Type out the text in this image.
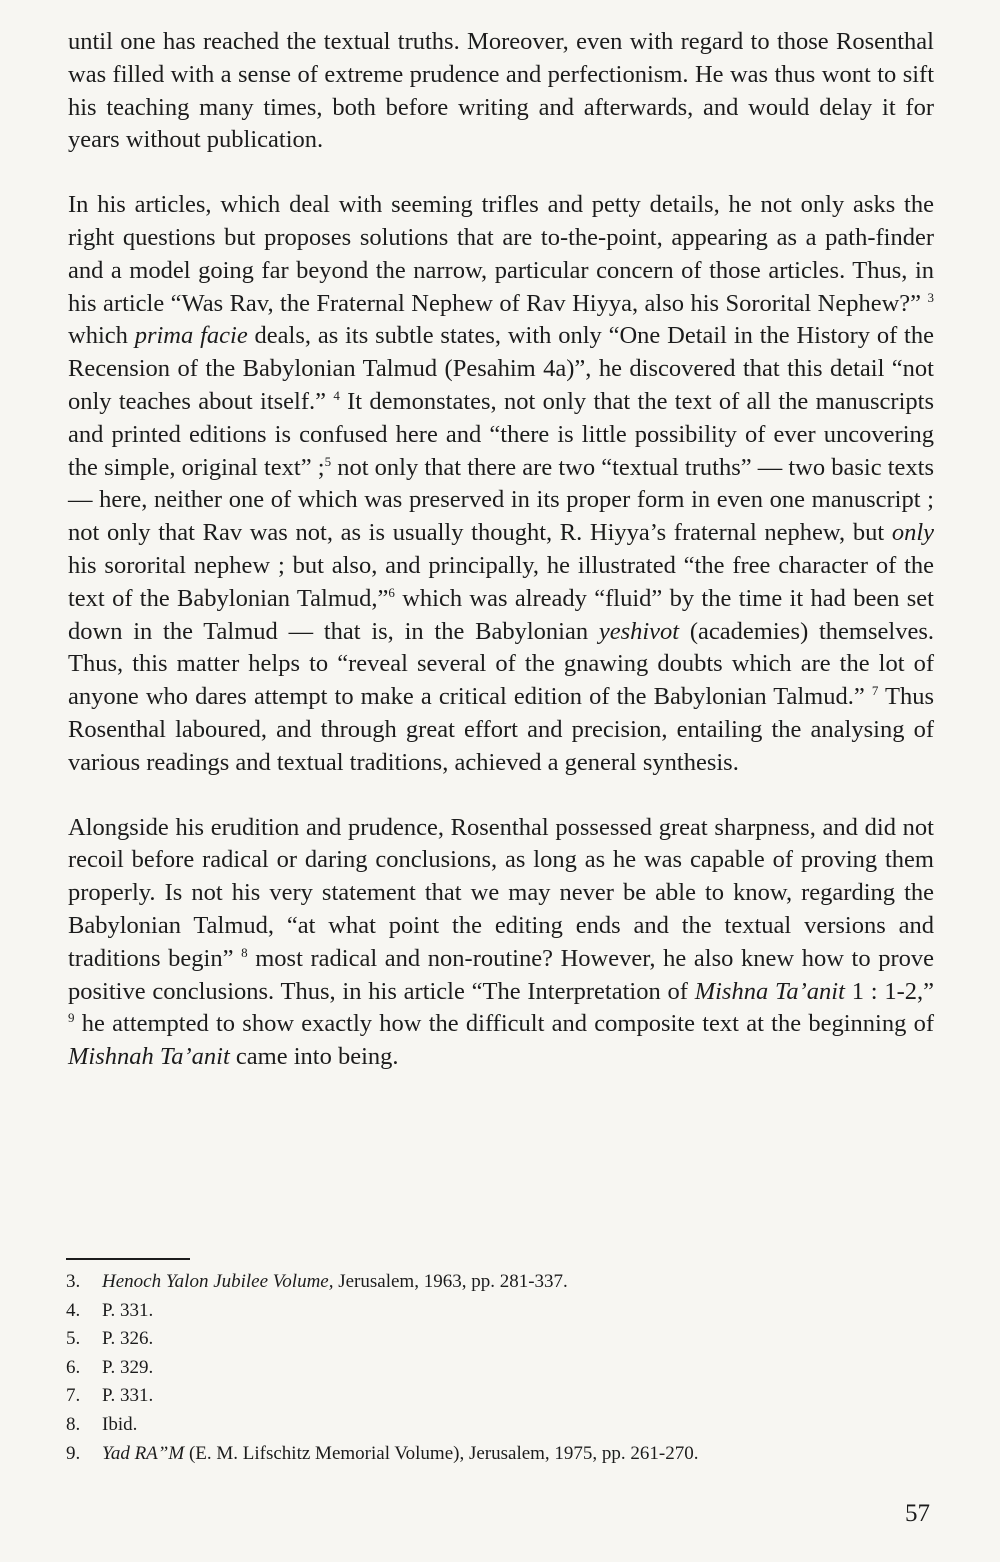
until one has reached the textual truths. Moreover, even with regard to those Rosenthal was filled with a sense of extreme prudence and perfectionism. He was thus wont to sift his teaching many times, both before writing and afterwards, and would delay it for years without publication.

In his articles, which deal with seeming trifles and petty details, he not only asks the right questions but proposes solutions that are to-the-point, appearing as a path-finder and a model going far beyond the narrow, particular concern of those articles. Thus, in his article “Was Rav, the Fraternal Nephew of Rav Hiyya, also his Sororital Nephew?” $^3$ which prima facie deals, as its subtle states, with only “One Detail in the History of the Recension of the Babylonian Talmud (Pesahim 4a)”, he discovered that this detail “not only teaches about itself.” $^4$ It demonstates, not only that the text of all the manuscripts and printed editions is confused here and “there is little possibility of ever uncovering the simple, original text” ;$^5$ not only that there are two “textual truths” — two basic texts — here, neither one of which was preserved in its proper form in even one manuscript ; not only that Rav was not, as is usually thought, R. Hiyya’s fraternal nephew, but only his sororital nephew ; but also, and principally, he illustrated “the free character of the text of the Babylonian Talmud,”$^6$ which was already “fluid” by the time it had been set down in the Talmud — that is, in the Babylonian yeshivot (academies) themselves. Thus, this matter helps to “reveal several of the gnawing doubts which are the lot of anyone who dares attempt to make a critical edition of the Babylonian Talmud.” $^7$ Thus Rosenthal laboured, and through great effort and precision, entailing the analysing of various readings and textual traditions, achieved a general synthesis.

Alongside his erudition and prudence, Rosenthal possessed great sharpness, and did not recoil before radical or daring conclusions, as long as he was capable of proving them properly. Is not his very statement that we may never be able to know, regarding the Babylonian Talmud, “at what point the editing ends and the textual versions and traditions begin” $^8$ most radical and non-routine? However, he also knew how to prove positive conclusions. Thus, in his article “The Interpretation of Mishna Ta’anit 1 : 1-2,” $^9$ he attempted to show exactly how the difficult and composite text at the beginning of Mishnah Ta’anit came into being.

3. Henoch Yalon Jubilee Volume, Jerusalem, 1963, pp. 281-337.
4. P. 331.
5. P. 326.
6. P. 329.
7. P. 331.
8. Ibid.
9. Yad RA”M (E. M. Lifschitz Memorial Volume), Jerusalem, 1975, pp. 261-270.
57
